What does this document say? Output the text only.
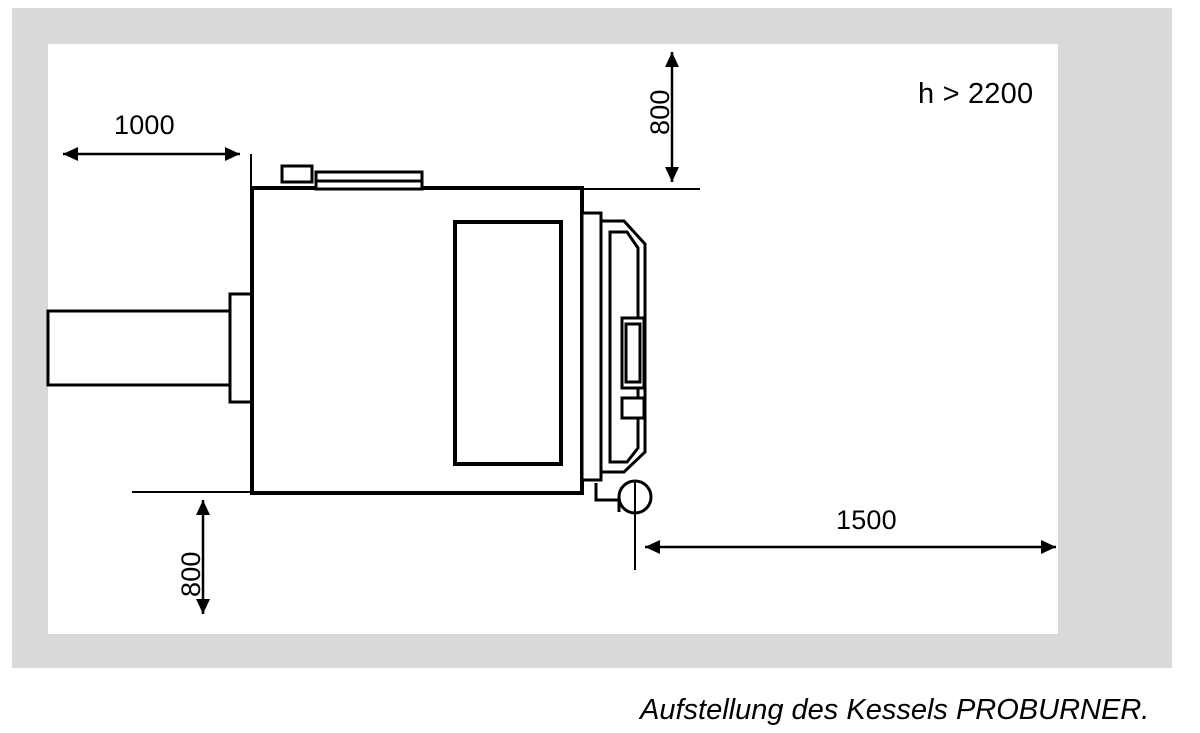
1000	800
800
1500
h > 2200
Aufstellung des Kessels PROBURNER.
